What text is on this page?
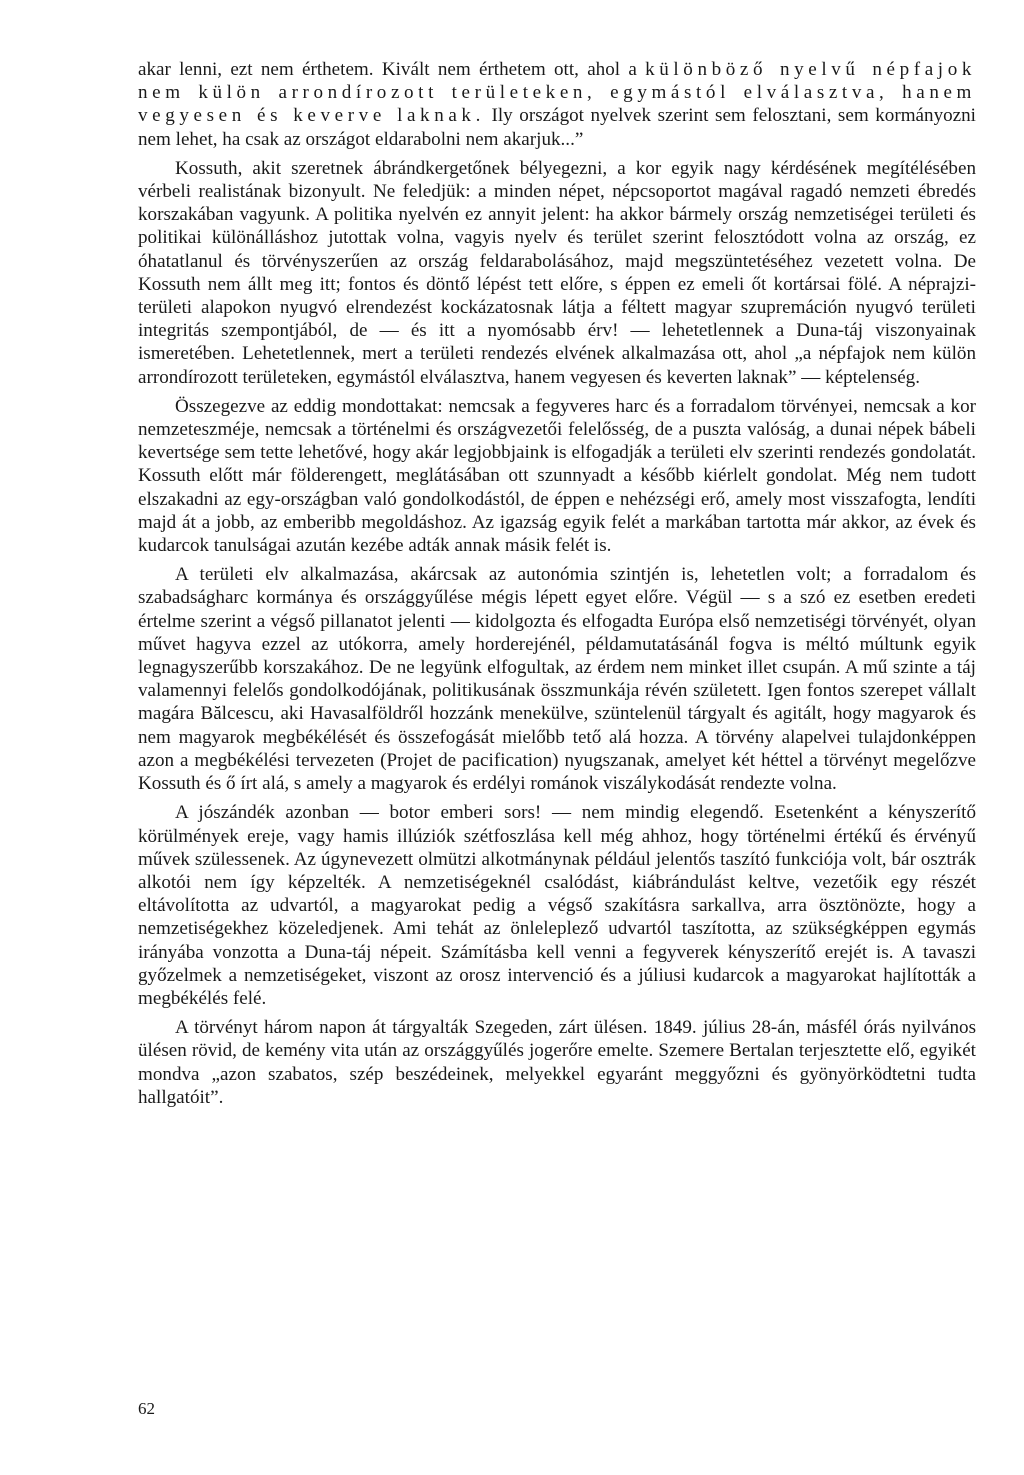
akar lenni, ezt nem érthetem. Kivált nem érthetem ott, ahol a különböző nyelvű népfajok nem külön arrondírozott területeken, egymástól elválasztva, hanem vegyesen és keverve laknak. Ily országot nyelvek szerint sem felosztani, sem kormányozni nem lehet, ha csak az országot eldarabolni nem akarjuk...”

Kossuth, akit szeretnek ábrándkergetőnek bélyegezni, a kor egyik nagy kérdésének megítélésében vérbeli realistának bizonyult. Ne feledjük: a minden népet, népcsoportot magával ragadó nemzeti ébredés korszakában vagyunk. A politika nyelvén ez annyit jelent: ha akkor bármely ország nemzetiségei területi és politikai különálláshoz jutottak volna, vagyis nyelv és terület szerint felosztódott volna az ország, ez óhatatlanul és törvényszerűen az ország feldarabolásához, majd megszüntetéséhez vezetett volna. De Kossuth nem állt meg itt; fontos és döntő lépést tett előre, s éppen ez emeli őt kortársai fölé. A néprajzi-területi alapokon nyugvó elrendezést kockázatosnak látja a féltett magyar szupremáción nyugvó területi integritás szempontjából, de — és itt a nyomósabb érv! — lehetetlennek a Duna-táj viszonyainak ismeretében. Lehetetlennek, mert a területi rendezés elvének alkalmazása ott, ahol „a népfajok nem külön arrondírozott területeken, egymástól elválasztva, hanem vegyesen és keverten laknak” — képtelenség.

Összegezve az eddig mondottakat: nemcsak a fegyveres harc és a forradalom törvényei, nemcsak a kor nemzeteszméje, nemcsak a történelmi és országvezetői felelősség, de a puszta valóság, a dunai népek bábeli kevertsége sem tette lehetővé, hogy akár legjobbjaink is elfogadják a területi elv szerinti rendezés gondolatát. Kossuth előtt már földerengett, meglátásában ott szunnyadt a később kiérlelt gondolat. Még nem tudott elszakadni az egy-országban való gondolkodástól, de éppen e nehézségi erő, amely most visszafogta, lendíti majd át a jobb, az emberibb megoldáshoz. Az igazság egyik felét a markában tartotta már akkor, az évek és kudarcok tanulságai azután kezébe adták annak másik felét is.

A területi elv alkalmazása, akárcsak az autonómia szintjén is, lehetetlen volt; a forradalom és szabadságharc kormánya és országgyűlése mégis lépett egyet előre. Végül — s a szó ez esetben eredeti értelme szerint a végső pillanatot jelenti — kidolgozta és elfogadta Európa első nemzetiségi törvényét, olyan művet hagyva ezzel az utókorra, amely horderejénél, példamutatásánál fogva is méltó múltunk egyik legnagyszerűbb korszakához. De ne legyünk elfogultak, az érdem nem minket illet csupán. A mű szinte a táj valamennyi felelős gondolkodójának, politikusának összmunkája révén született. Igen fontos szerepet vállalt magára Bălcescu, aki Havasalföldről hozzánk menekülve, szüntelenül tárgyalt és agitált, hogy magyarok és nem magyarok megbékélését és összefogását mielőbb tető alá hozza. A törvény alapelvei tulajdonképpen azon a megbékélési tervezeten (Projet de pacification) nyugszanak, amelyet két héttel a törvényt megelőzve Kossuth és ő írt alá, s amely a magyarok és erdélyi románok viszálykodását rendezte volna.

A jószándék azonban — botor emberi sors! — nem mindig elegendő. Esetenként a kényszerítő körülmények ereje, vagy hamis illúziók szétfoszlása kell még ahhoz, hogy történelmi értékű és érvényű művek szülessenek. Az úgynevezett olmützi alkotmánynak például jelentős taszító funkciója volt, bár osztrák alkotói nem így képzelték. A nemzetiségeknél csalódást, kiábrándulást keltve, vezetőik egy részét eltávolította az udvartól, a magyarokat pedig a végső szakításra sarkallva, arra ösztönözte, hogy a nemzetiségekhez közeledjenek. Ami tehát az önleleplező udvartól taszította, az szükségképpen egymás irányába vonzotta a Duna-táj népeit. Számításba kell venni a fegyverek kényszerítő erejét is. A tavaszi győzelmek a nemzetiségeket, viszont az orosz intervenció és a júliusi kudarcok a magyarokat hajlították a megbékélés felé.

A törvényt három napon át tárgyalták Szegeden, zárt ülésen. 1849. július 28-án, másfél órás nyilvános ülésen rövid, de kemény vita után az országgyűlés jogerőre emelte. Szemere Bertalan terjesztette elő, egyikét mondva „azon szabatos, szép beszédeinek, melyekkel egyaránt meggyőzni és gyönyörködtetni tudta hallgatóit”.

62
